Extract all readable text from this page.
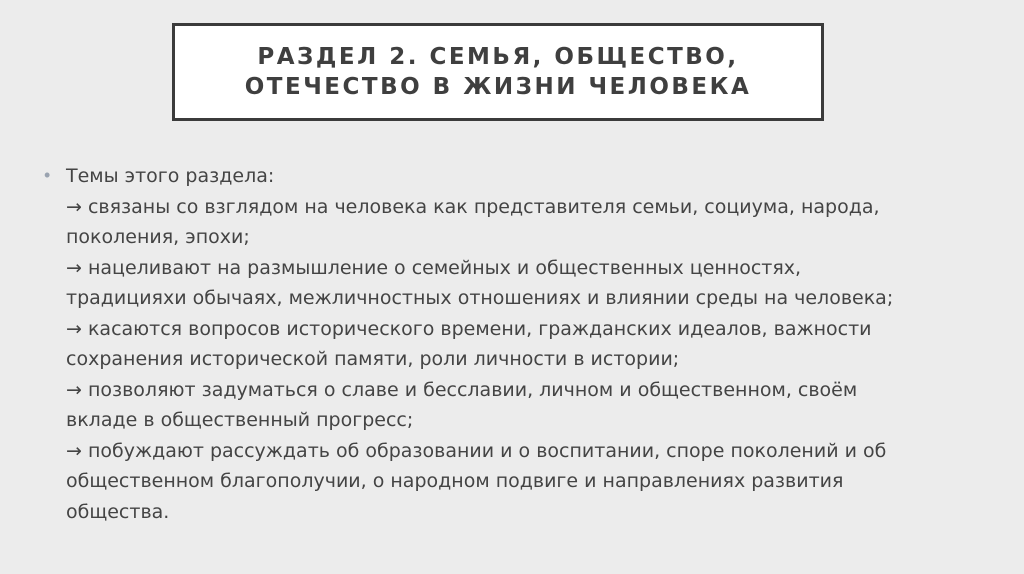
РАЗДЕЛ 2. СЕМЬЯ, ОБЩЕСТВО,
ОТЕЧЕСТВО В ЖИЗНИ ЧЕЛОВЕКА
• Темы этого раздела:
→ связаны со взглядом на человека как представителя семьи, социума, народа,
поколения, эпохи;
→ нацеливают на размышление о семейных и общественных ценностях,
традицияхи обычаях, межличностных отношениях и влиянии среды на человека;
→ касаются вопросов исторического времени, гражданских идеалов, важности
сохранения исторической памяти, роли личности в истории;
→ позволяют задуматься о славе и бесславии, личном и общественном, своём
вкладе в общественный прогресс;
→ побуждают рассуждать об образовании и о воспитании, споре поколений и об
общественном благополучии, о народном подвиге и направлениях развития
общества.
